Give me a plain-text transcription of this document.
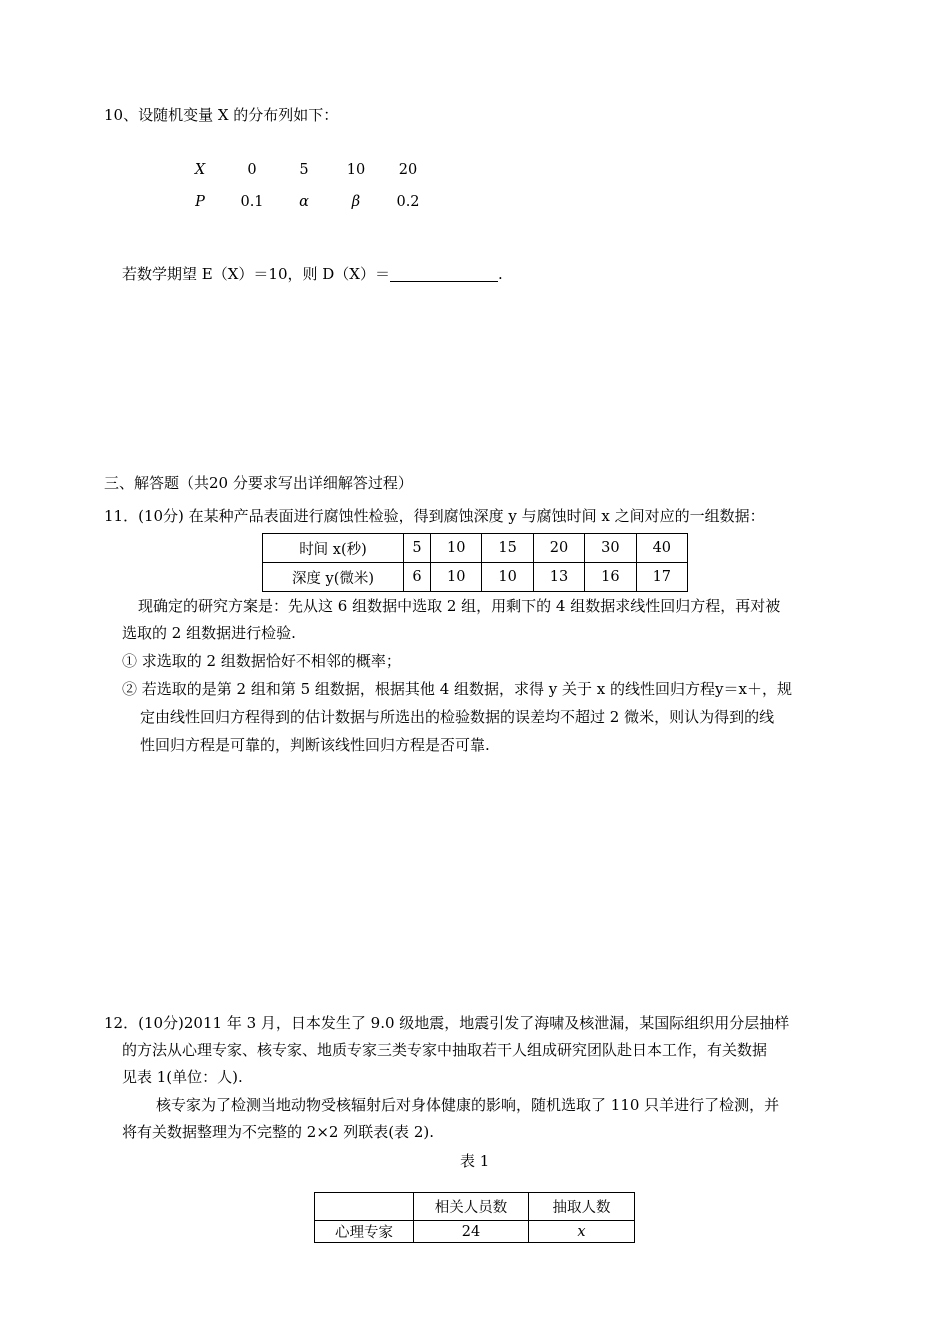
10、设随机变量 X 的分布列如下：
X	0	5	10	20
P	0.1	α	β	0.2
若数学期望 E（X）＝10，则 D（X）＝	.
三、解答题（共20 分要求写出详细解答过程）
11．(10分) 在某种产品表面进行腐蚀性检验，得到腐蚀深度 y 与腐蚀时间 x 之间对应的一组数据：
时间 x(秒)	5	10	15	20	30	40
深度 y(微米)	6	10	10	13	16	17
现确定的研究方案是：先从这 6 组数据中选取 2 组，用剩下的 4 组数据求线性回归方程，再对被
选取的 2 组数据进行检验.
① 求选取的 2 组数据恰好不相邻的概率；
② 若选取的是第 2 组和第 5 组数据，根据其他 4 组数据，求得 y 关于 x 的线性回归方程y＝x＋，规
定由线性回归方程得到的估计数据与所选出的检验数据的误差均不超过 2 微米，则认为得到的线
性回归方程是可靠的，判断该线性回归方程是否可靠.
12．(10分)2011 年 3 月，日本发生了 9.0 级地震，地震引发了海啸及核泄漏，某国际组织用分层抽样
的方法从心理专家、核专家、地质专家三类专家中抽取若干人组成研究团队赴日本工作，有关数据
见表 1(单位：人).
核专家为了检测当地动物受核辐射后对身体健康的影响，随机选取了 110 只羊进行了检测，并
将有关数据整理为不完整的 2×2 列联表(表 2).
表 1
	相关人员数	抽取人数
心理专家	24	x
